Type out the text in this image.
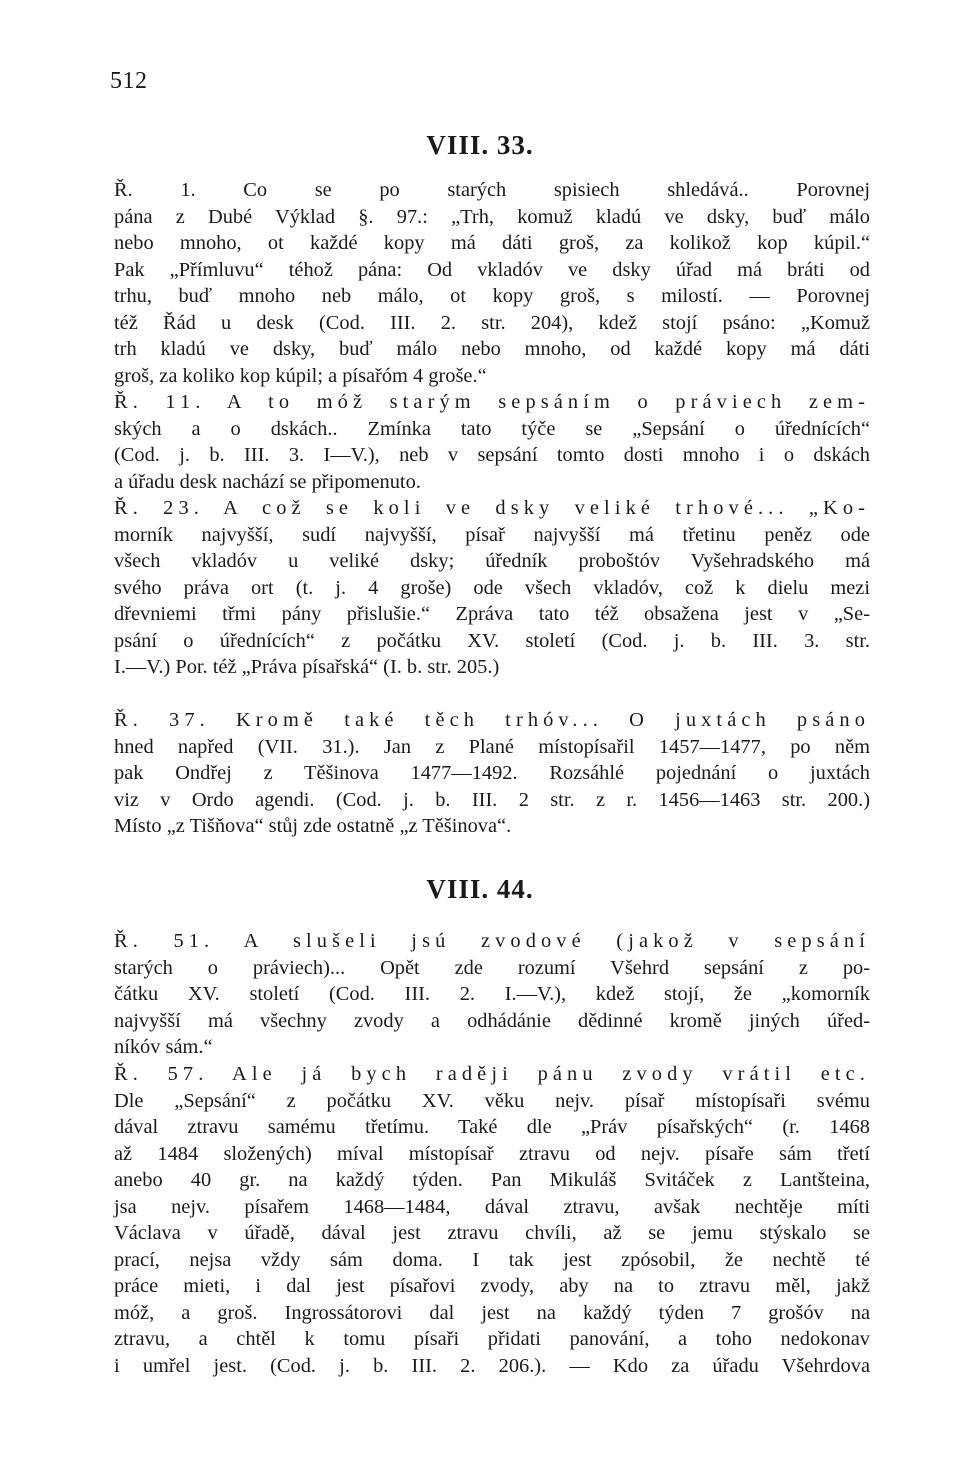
512
VIII. 33.
Ř. 1. Co se po starých spisiech shledává.. Porovnej
pána z Dubé Výklad §. 97.: „Trh, komuž kladú ve dsky, buď málo
nebo mnoho, ot každé kopy má dáti groš, za kolikož kop kúpil.“
Pak „Přímluvu“ téhož pána: Od vkladóv ve dsky úřad má bráti od
trhu, buď mnoho neb málo, ot kopy groš, s milostí. — Porovnej
též Řád u desk (Cod. III. 2. str. 204), kdež stojí psáno: „Komuž
trh kladú ve dsky, buď málo nebo mnoho, od každé kopy má dáti
groš, za koliko kop kúpil; a písařóm 4 groše.“
Ř. 11. A to móž starým sepsáním o práviech zem-
ských a o dskách.. Zmínka tato týče se „Sepsání o úřednících“
(Cod. j. b. III. 3. I—V.), neb v sepsání tomto dosti mnoho i o dskách
a úřadu desk nachází se připomenuto.
Ř. 23. A což se koli ve dsky veliké trhové... „Ko-
morník najvyšší, sudí najvyšší, písař najvyšší má třetinu peněz ode
všech vkladóv u veliké dsky; úředník proboštóv Vyšehradského má
svého práva ort (t. j. 4 groše) ode všech vkladóv, což k dielu mezi
dřevniemi třmi pány přislušie.“ Zpráva tato též obsažena jest v „Se-
psání o úřednících“ z počátku XV. století (Cod. j. b. III. 3. str.
I.—V.) Por. též „Práva písařská“ (I. b. str. 205.)
Ř. 37. Kromě také těch trhóv... O juxtách psáno
hned napřed (VII. 31.). Jan z Plané místopísařil 1457—1477, po něm
pak Ondřej z Těšinova 1477—1492. Rozsáhlé pojednání o juxtách
viz v Ordo agendi. (Cod. j. b. III. 2 str. z r. 1456—1463 str. 200.)
Místo „z Tišňova“ stůj zde ostatně „z Těšinova“.
VIII. 44.
Ř. 51. A slušeli jsú zvodové (jakož v sepsání
starých o práviech)... Opět zde rozumí Všehrd sepsání z po-
čátku XV. století (Cod. III. 2. I.—V.), kdež stojí, že „komorník
najvyšší má všechny zvody a odhádánie dědinné kromě jiných úřed-
níkóv sám.“
Ř. 57. Ale já bych raději pánu zvody vrátil etc.
Dle „Sepsání“ z počátku XV. věku nejv. písař místopísaři svému
dával ztravu samému třetímu. Také dle „Práv písařských“ (r. 1468
až 1484 složených) míval místopísař ztravu od nejv. písaře sám třetí
anebo 40 gr. na každý týden. Pan Mikuláš Svitáček z Lantšteina,
jsa nejv. písařem 1468—1484, dával ztravu, avšak nechtěje míti
Václava v úřadě, dával jest ztravu chvíli, až se jemu stýskalo se
prací, nejsa vždy sám doma. I tak jest zpósobil, že nechtě té
práce mieti, i dal jest písařovi zvody, aby na to ztravu měl, jakž
móž, a groš. Ingrossátorovi dal jest na každý týden 7 grošóv na
ztravu, a chtěl k tomu písaři přidati panování, a toho nedokonav
i umřel jest. (Cod. j. b. III. 2. 206.). — Kdo za úřadu Všehrdova
